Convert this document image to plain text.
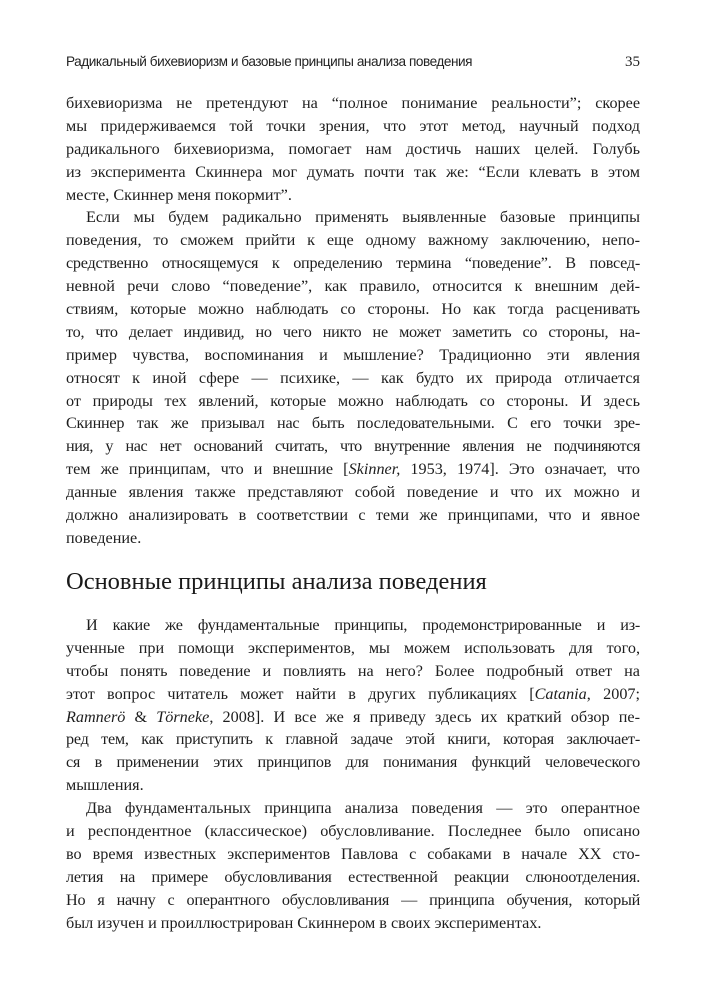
Радикальный бихевиоризм и базовые принципы анализа поведения	35
бихевиоризма не претендуют на “полное понимание реальности”; скорее
мы придерживаемся той точки зрения, что этот метод, научный подход
радикального бихевиоризма, помогает нам достичь наших целей. Голубь
из эксперимента Скиннера мог думать почти так же: “Если клевать в этом
месте, Скиннер меня покормит”.
Если мы будем радикально применять выявленные базовые принципы
поведения, то сможем прийти к еще одному важному заключению, непо-
средственно относящемуся к определению термина “поведение”. В повсед-
невной речи слово “поведение”, как правило, относится к внешним дей-
ствиям, которые можно наблюдать со стороны. Но как тогда расценивать
то, что делает индивид, но чего никто не может заметить со стороны, на-
пример чувства, воспоминания и мышление? Традиционно эти явления
относят к иной сфере — психике, — как будто их природа отличается
от природы тех явлений, которые можно наблюдать со стороны. И здесь
Скиннер так же призывал нас быть последовательными. С его точки зре-
ния, у нас нет оснований считать, что внутренние явления не подчиняются
тем же принципам, что и внешние [Skinner, 1953, 1974]. Это означает, что
данные явления также представляют собой поведение и что их можно и
должно анализировать в соответствии с теми же принципами, что и явное
поведение.
Основные принципы анализа поведения
И какие же фундаментальные принципы, продемонстрированные и из-
ученные при помощи экспериментов, мы можем использовать для того,
чтобы понять поведение и повлиять на него? Более подробный ответ на
этот вопрос читатель может найти в других публикациях [Catania, 2007;
Ramnerö & Törneke, 2008]. И все же я приведу здесь их краткий обзор пе-
ред тем, как приступить к главной задаче этой книги, которая заключает-
ся в применении этих принципов для понимания функций человеческого
мышления.
Два фундаментальных принципа анализа поведения — это оперантное
и респондентное (классическое) обусловливание. Последнее было описано
во время известных экспериментов Павлова с собаками в начале XX сто-
летия на примере обусловливания естественной реакции слюноотделения.
Но я начну с оперантного обусловливания — принципа обучения, который
был изучен и проиллюстрирован Скиннером в своих экспериментах.
